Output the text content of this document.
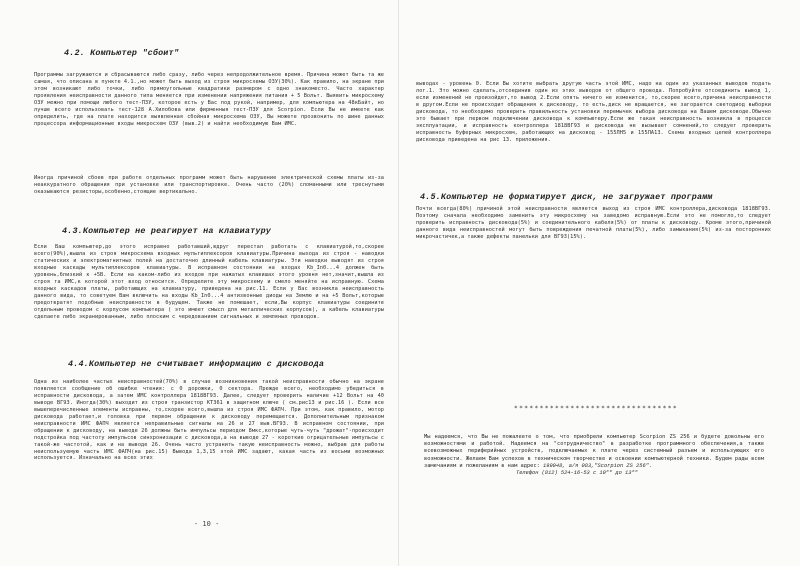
4.2. Компьютер "сбоит"
Программы загружаются и сбрасываются либо сразу, либо через непродолжительное время. Причина может быть та же самая, что описана в пункте 4.1.,но может быть выход из строя микросхемы ОЗУ(30%). Как правило, на экране при этом возникают либо точки, либо прямоугольные квадратики размером с одно знакоместо. Часто характер проявления неисправности данного типа меняется при изменении напряжения питания + 5 Вольт. Выявить микросхему ОЗУ можно при помощи любого тест-ПЗУ, которое есть у Вас под рукой, например, для компьютера на 48кБайт, но лучше всего использовать тест-128 А.Хилобова или фирменныя тест-ПЗУ для Scorpion. Если Вы не имеете как определить, где на плате находится выявленная сбойная микросхема ОЗУ, Вы можете прозвонить по шине данных процессора информационные входы микросхем ОЗУ (выв.2) и найти необходимую Вам ИМС.
Иногда причиной сбоев при работе отдельных программ может быть нарушение электрической схемы платы из-за неаккуратного обращения при установке или транспортировке. Очень часто (20%) сломанными или треснутыми оказываются резисторы,особенно,стоящие вертикально.
4.3.Компьютер не реагирует на клавиатуру
Если Ваш компьютер,до этого исправно работавший,вдруг перестал работать с клавиатурой,то,скорее всего(90%),вышла из строя микросхема входных мультиплексоров клавиатуры.Причина выхода из строя - наводки статических и электромагнитных полей на достаточно длинный кабель клавиатуры. Эти наводки выводят из строя входные каскады мультиплексоров клавиатуры. В исправном состоянии на входах Kb_In0...4 должен быть уровень,близкий к +5В. Если на каком-либо из входов при нажатых клавишах этого уровня нет,значит,вышла из строя та ИМС,к которой этот вход относится. Определите эту микросхему и смело меняйте на исправную. Схема входных каскадов платы, работающих на клавиатуру, приведена на рис.11. Если у Вас возникла неисправность данного вида, то советуем Вам включить на входы Kb_In0...4 антизвонные диоды на Землю и на +5 Вольт,которые предотвратят подобные неисправности в будущем. Также не помешает, если,Вы корпус клавиатуры соедините отдельным проводом с корпусом компьютера ( это имеет смысл для металлических корпусов), а кабель клавиатуры сделаете либо экранированным, либо плоским с чередованием сигнальных и земляных проводов.
4.4.Компьютер не считывает информацию с дисковода
Одна из наиболее частых неисправностей(70%) в случае возникновения такой неисправности обычно на экране появляется сообщение об ошибке чтения: с 0 дорожки, 0 сектора. Прежде всего, необходимо убедиться в исправности дисковода, а затем ИМС контроллера 1818ВГ93. Далее, следует проверить наличие +12 Вольт на 40 выводе ВГ93. Иногда(30%) выходит из строя транзистор КТ361 в защитном ключе ( см.рис13 и рис.16 ). Если все вышеперечисленные элементы исправны, то,скорее всего,вышла из строя ИМС ФАПЧ. При этом, как правило, мотор дисковода работает,и головка при первом обращении к дисководу перемещается. Дополнительным признаком неисправности ИМС ФАПЧ является неправильные сигналы на 26 и 27 выв.ВГ93. В исправном состоянии, при обращении к дисководу, на выводе 26 должны быть импульсы периодом 8мкс,которые чуть-чуть "дрожат"-происходит подстройка под частоту импульсов синхронизации с дисковода,а на выводе 27 - короткие отрицательные импульсы с такой-же частотой, как и на выводе 26. Очень часто устранить такую неисправность можно, выбрав для работы неиспользуемую часть ИМС ФАПЧ(на рис.15) Вывода 1,3,15 этой ИМС задают, какая часть из восьми возможных используется. Изначально на всех этих
- 10 -
выводах - уровень 0. Если Вы хотите выбрать другую часть этой ИМС, надо на один из указанных выводов подать лог.1. Это можно сделать,отсоединив один из этих выводов от общего провода. Попробуйте отсоединить вывод 1, если изменений не произойдет,то вывод 2.Если опять ничего не изменится, то,скорее всего,причина неисправности в другом.Если не происходит обращения к дисководу, то есть,диск не вращается, не загорается светодиод выборки дисковода, то необходимо проверить правильность установки перемычек выбора дисковода на Вашем дисководе.Обычно это бывает при первом подключении дисковода к компьютеру.Если же такая неисправность возникла в процессе эксплуатации, и исправность контроллера 1818ВГ93 и дисковода не вызывает сомнений,то следует проверить исправность буферных микросхем, работающих на дисковод - 155ЛН5 и 155ЛА13. Схема входных цепей контроллера дисковода приведена на рис 13. приложения.
4.5.Компьютер не форматирует диск, не загружает программ
Почти всегда(80%) причиной этой неисправности является выход из строя ИМС контроллера,дисковода 1818ВГ93. Поэтому сначала необходимо заменить эту микросхему на заведомо исправную.Если это не помогло,то следует проверить исправность дисковода(5%) и соединительного кабеля(5%) от платы к дисководу. Кроме этого,причиной данного вида неисправностей могут быть повреждения печатной платы(5%), либо замыкания(5%) из-за посторонних микрочастичек,а также дефекты панельки для ВГ93(15%).
********************************
Мы надеемся, что Вы не пожалеете о том, что приобрели компьютер Scorpion ZS 256 и будете довольны его возможностями и работой. Надеемся на "сотрудничество" в разработке программного обеспечения,а также всевозможных периферийных устройств, подключаемых к плате через системный разъем и использующих его возможности. Желаем Вам успехов в техническом творчестве и освоении компьютерной техники. Будем рады всем замечаниям и пожеланиям в нам адрес: 199048, а/я 083,"Scorpion ZS 256".
Телефон (812) 524-16-53 с 10⁰⁰ до 13⁰⁰
